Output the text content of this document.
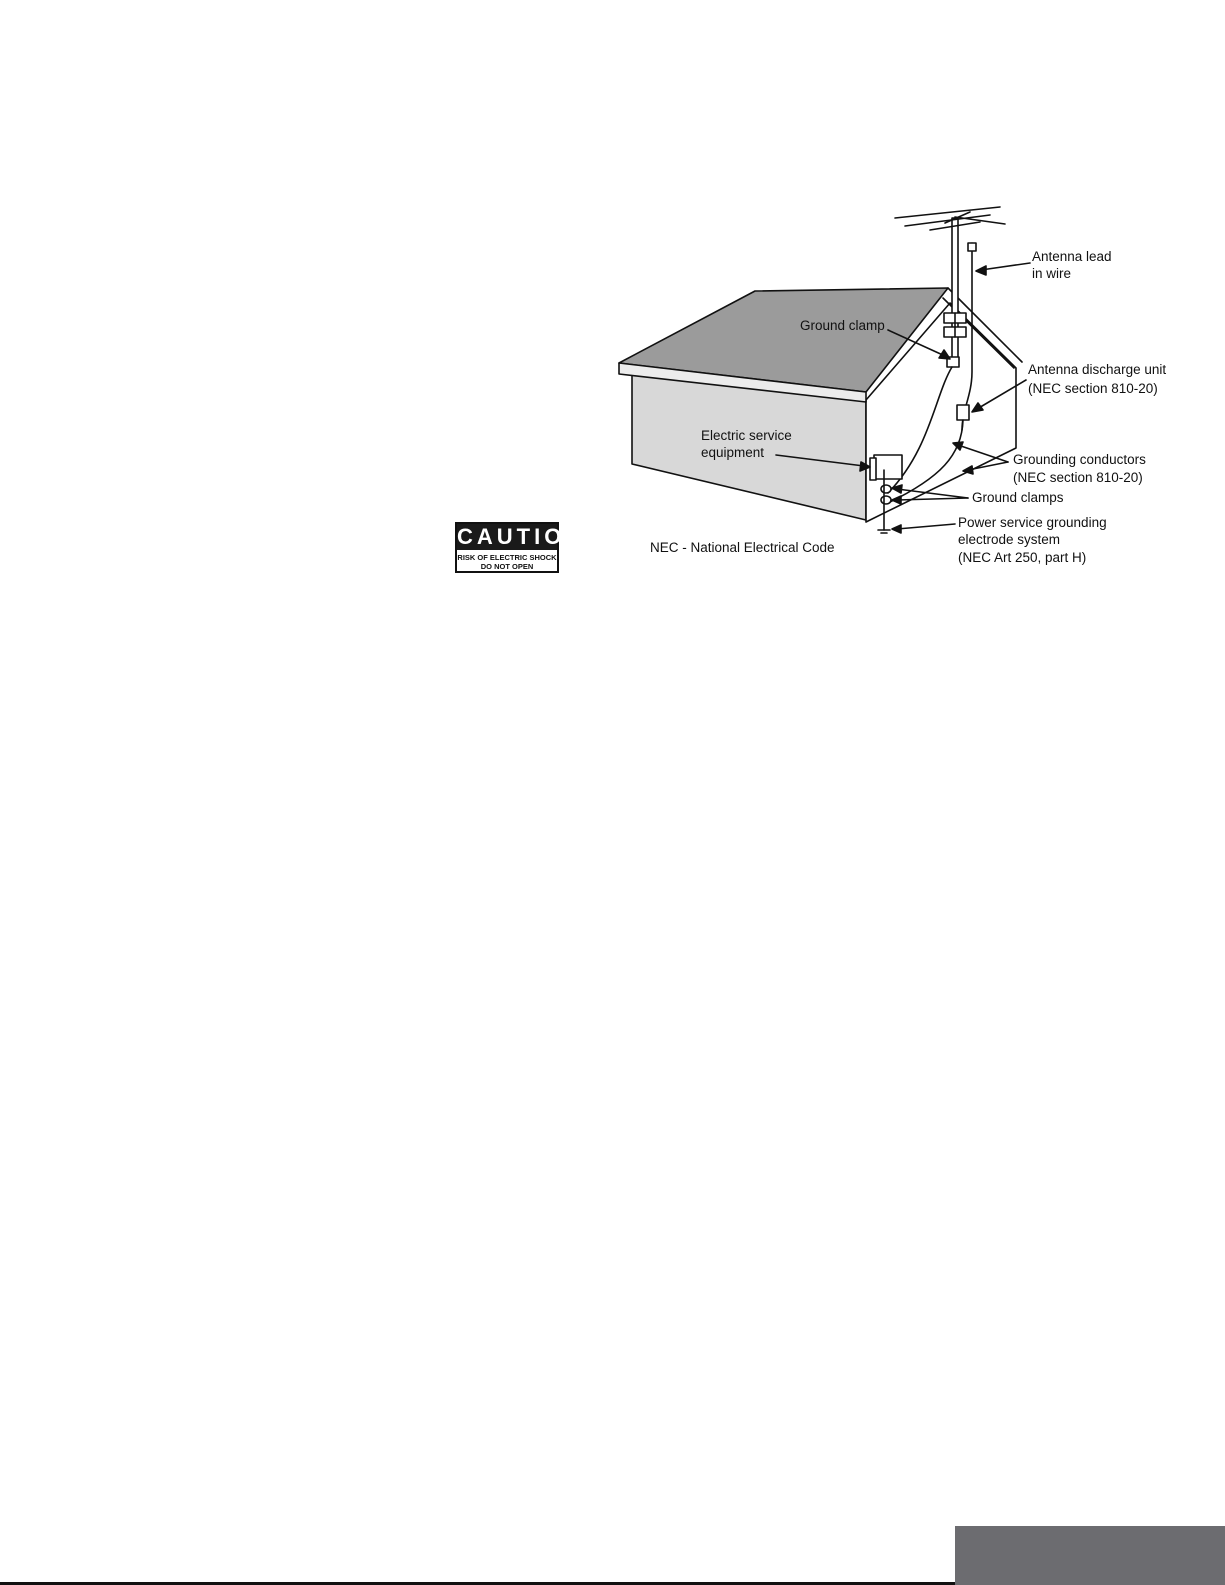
CAUTION
RISK OF ELECTRIC SHOCK
DO NOT OPEN
Antenna lead
in wire
Ground clamp
Antenna discharge unit
(NEC section 810-20)
Electric service
equipment	Grounding conductors
(NEC section 810-20)
Ground clamps
Power service grounding
electrode system
(NEC Art 250, part H)
NEC - National Electrical Code
